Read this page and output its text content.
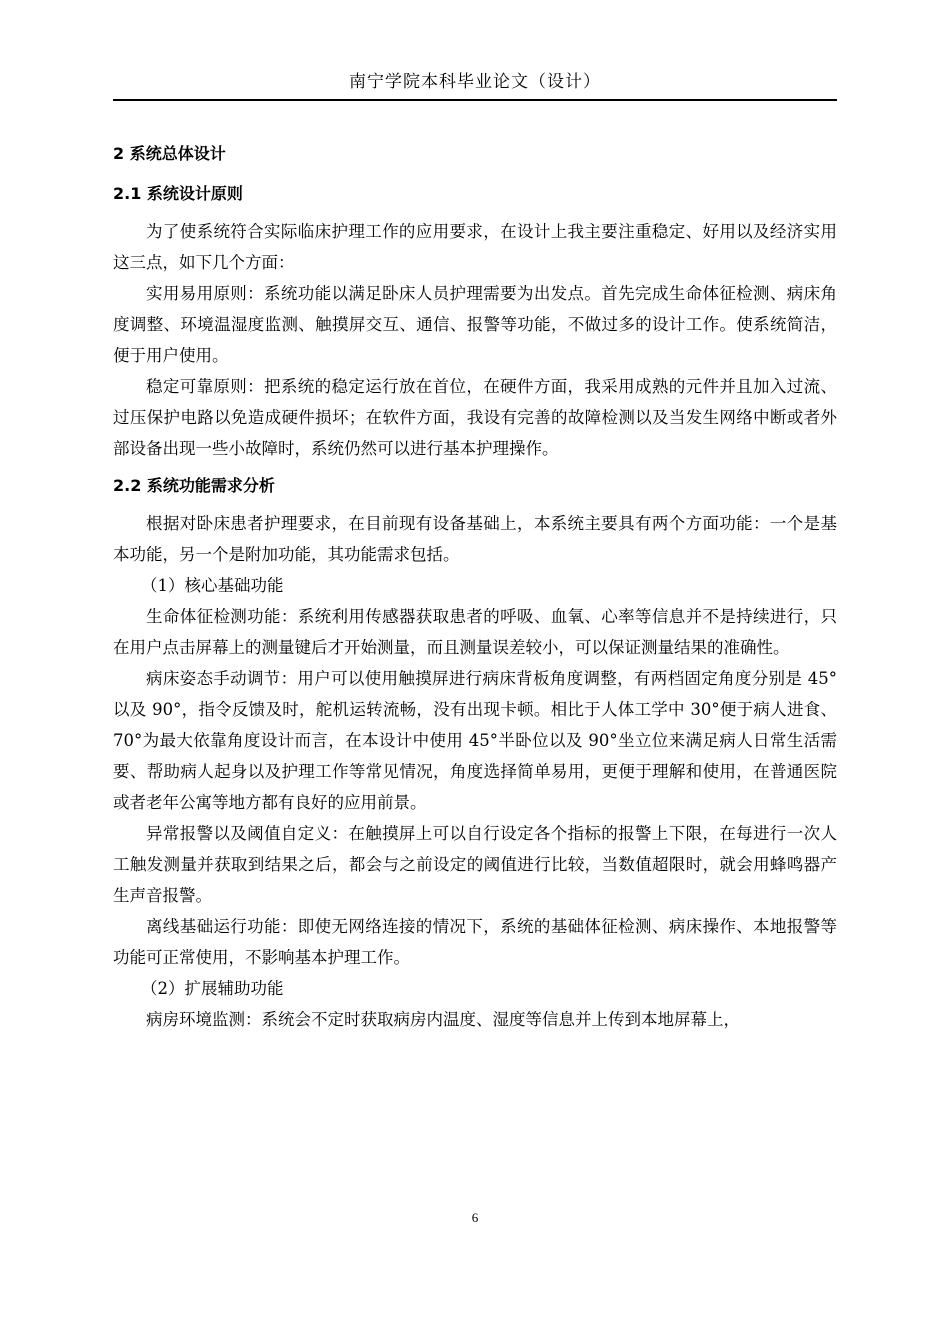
南宁学院本科毕业论文（设计）
2 系统总体设计
2.1 系统设计原则

为了使系统符合实际临床护理工作的应用要求，在设计上我主要注重稳定、好用以及经济实用这三点，如下几个方面：

实用易用原则：系统功能以满足卧床人员护理需要为出发点。首先完成生命体征检测、病床角度调整、环境温湿度监测、触摸屏交互、通信、报警等功能，不做过多的设计工作。使系统简洁，便于用户使用。

稳定可靠原则：把系统的稳定运行放在首位，在硬件方面，我采用成熟的元件并且加入过流、过压保护电路以免造成硬件损坏；在软件方面，我设有完善的故障检测以及当发生网络中断或者外部设备出现一些小故障时，系统仍然可以进行基本护理操作。

2.2 系统功能需求分析

根据对卧床患者护理要求，在目前现有设备基础上，本系统主要具有两个方面功能：一个是基本功能，另一个是附加功能，其功能需求包括。

（1）核心基础功能

生命体征检测功能：系统利用传感器获取患者的呼吸、血氧、心率等信息并不是持续进行，只在用户点击屏幕上的测量键后才开始测量，而且测量误差较小，可以保证测量结果的准确性。

病床姿态手动调节：用户可以使用触摸屏进行病床背板角度调整，有两档固定角度分别是 45°以及 90°，指令反馈及时，舵机运转流畅，没有出现卡顿。相比于人体工学中 30°便于病人进食、70°为最大依靠角度设计而言，在本设计中使用 45°半卧位以及 90°坐立位来满足病人日常生活需要、帮助病人起身以及护理工作等常见情况，角度选择简单易用，更便于理解和使用，在普通医院或者老年公寓等地方都有良好的应用前景。

异常报警以及阈值自定义：在触摸屏上可以自行设定各个指标的报警上下限，在每进行一次人工触发测量并获取到结果之后，都会与之前设定的阈值进行比较，当数值超限时，就会用蜂鸣器产生声音报警。

离线基础运行功能：即使无网络连接的情况下，系统的基础体征检测、病床操作、本地报警等功能可正常使用，不影响基本护理工作。

（2）扩展辅助功能

病房环境监测：系统会不定时获取病房内温度、湿度等信息并上传到本地屏幕上，

6
